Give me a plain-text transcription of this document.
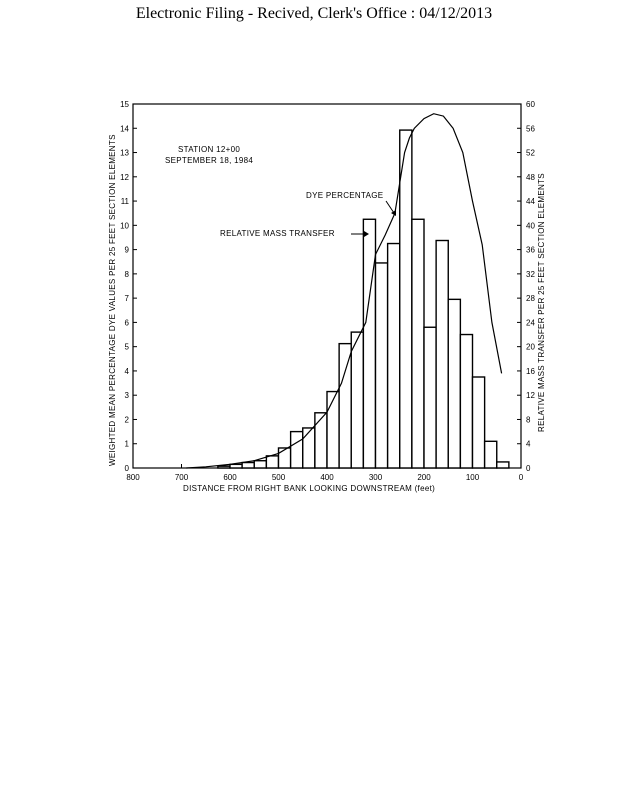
Electronic Filing - Recived, Clerk's Office : 04/12/2013
800	700	600	500	400	300	200	100	0
0
1
2
3
4
5
6
7
8
9
10
11
12
13
14
15
0
4
8
12
16
20
24
28
32
36
40
44
48
52
56
60
STATION 12+00
SEPTEMBER 18, 1984
DYE PERCENTAGE
RELATIVE MASS TRANSFER
DISTANCE FROM RIGHT BANK LOOKING DOWNSTREAM (feet)
WEIGHTED MEAN PERCENTAGE DYE VALUES PER 25 FEET SECTION ELEMENTS	RELATIVE MASS TRANSFER PER 25 FEET SECTION ELEMENTS
